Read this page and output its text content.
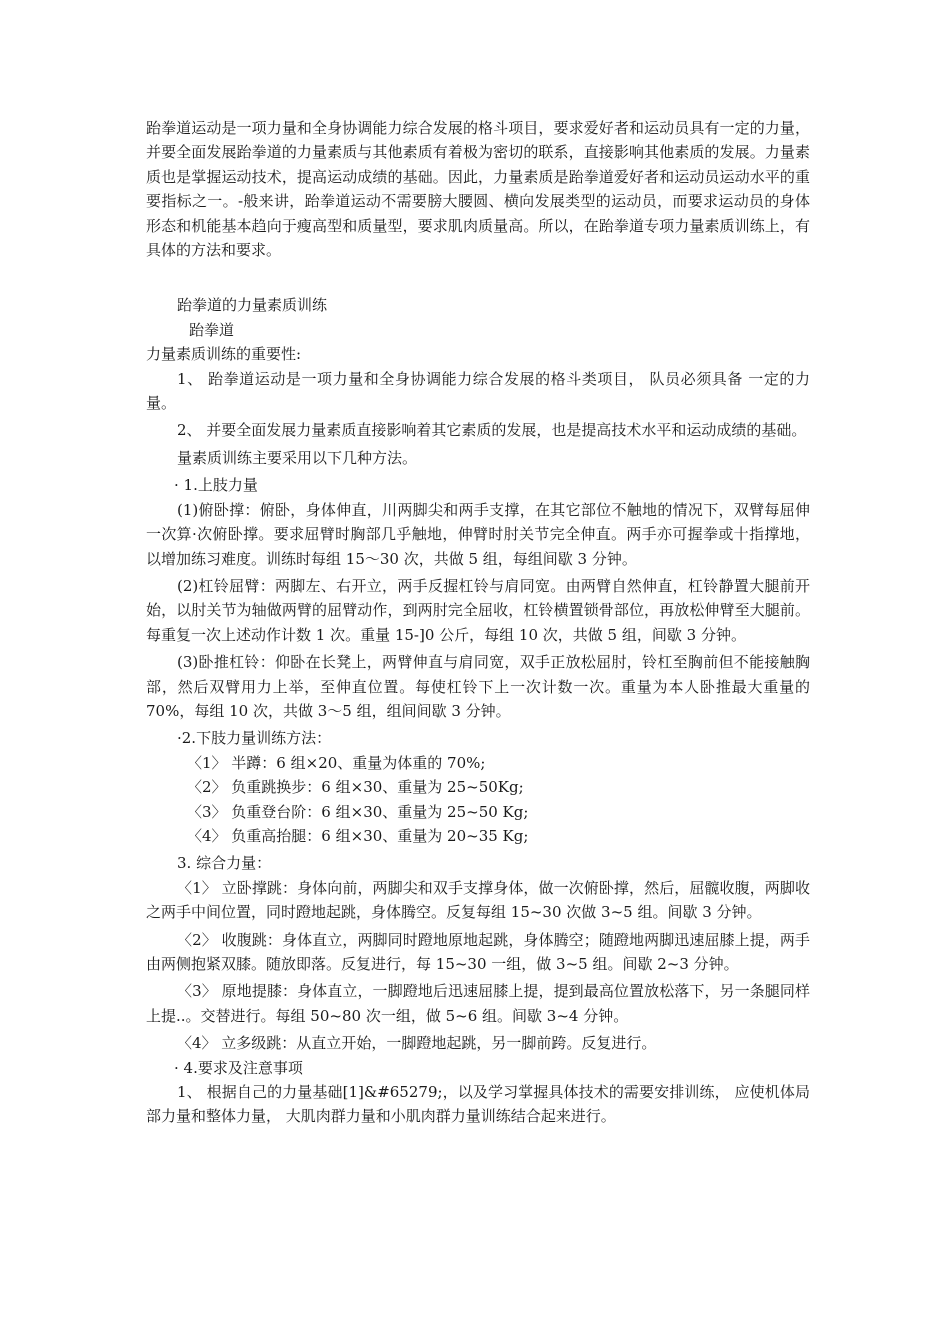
跆拳道运动是一项力量和全身协调能力综合发展的格斗项目，要求爱好者和运动员具有一定的力量，并要全面发展跆拳道的力量素质与其他素质有着极为密切的联系，直接影响其他素质的发展。力量素质也是掌握运动技术，提高运动成绩的基础。因此，力量素质是跆拳道爱好者和运动员运动水平的重要指标之一。-般来讲，跆拳道运动不需要膀大腰圆、横向发展类型的运动员，而要求运动员的身体形态和机能基本趋向于瘦高型和质量型，要求肌肉质量高。所以，在跆拳道专项力量素质训练上，有具体的方法和要求。

跆拳道的力量素质训练

跆拳道

力量素质训练的重要性:

1、 跆拳道运动是一项力量和全身协调能力综合发展的格斗类项目， 队员必须具备 一定的力量。

2、 并要全面发展力量素质直接影响着其它素质的发展，也是提高技术水平和运动成绩的基础。

量素质训练主要采用以下几种方法。

· 1.上肢力量

(1)俯卧撑：俯卧，身体伸直，川两脚尖和两手支撑，在其它部位不触地的情况下，双臂每屈伸一次算·次俯卧撑。要求屈臂时胸部几乎触地，伸臂时肘关节完全伸直。两手亦可握拳或十指撑地，以增加练习难度。训练时每组 15～30 次，共做 5 组，每组间歇 3 分钟。

(2)杠铃屈臂：两脚左、右开立，两手反握杠铃与肩同宽。由两臂自然伸直，杠铃静置大腿前开始，以肘关节为轴做两臂的屈臂动作，到两肘完全屈收，杠铃横置锁骨部位，再放松伸臂至大腿前。每重复一次上述动作计数 1 次。重量 15-]0 公斤，每组 10 次，共做 5 组，间歇 3 分钟。

(3)卧推杠铃：仰卧在长凳上，两臂伸直与肩同宽，双手正放松屈肘，铃杠至胸前但不能接触胸部，然后双臂用力上举，至伸直位置。每使杠铃下上一次计数一次。重量为本人卧推最大重量的 70%，每组 10 次，共做 3～5 组，组间间歇 3 分钟。

·2.下肢力量训练方法：

〈1〉 半蹲：6 组×20、重量为体重的 70%;

〈2〉 负重跳换步：6 组×30、重量为 25~50Kg;

〈3〉 负重登台阶：6 组×30、重量为 25~50 Kg;

〈4〉 负重高抬腿：6 组×30、重量为 20~35 Kg;

3. 综合力量：

〈1〉 立卧撑跳：身体向前，两脚尖和双手支撑身体，做一次俯卧撑，然后，屈髋收腹，两脚收之两手中间位置，同时蹬地起跳，身体腾空。反复每组 15~30 次做 3~5 组。间歇 3 分钟。

〈2〉 收腹跳：身体直立，两脚同时蹬地原地起跳，身体腾空；随蹬地两脚迅速屈膝上提，两手由两侧抱紧双膝。随放即落。反复进行，每 15~30 一组，做 3~5 组。间歇 2~3 分钟。

〈3〉 原地提膝：身体直立，一脚蹬地后迅速屈膝上提，提到最高位置放松落下，另一条腿同样上提..。交替进行。每组 50~80 次一组，做 5~6 组。间歇 3~4 分钟。

〈4〉 立多级跳：从直立开始，一脚蹬地起跳，另一脚前跨。反复进行。

· 4.要求及注意事项

1、 根据自己的力量基础[1]&#65279;，以及学习掌握具体技术的需要安排训练， 应使机体局部力量和整体力量， 大肌肉群力量和小肌肉群力量训练结合起来进行。
